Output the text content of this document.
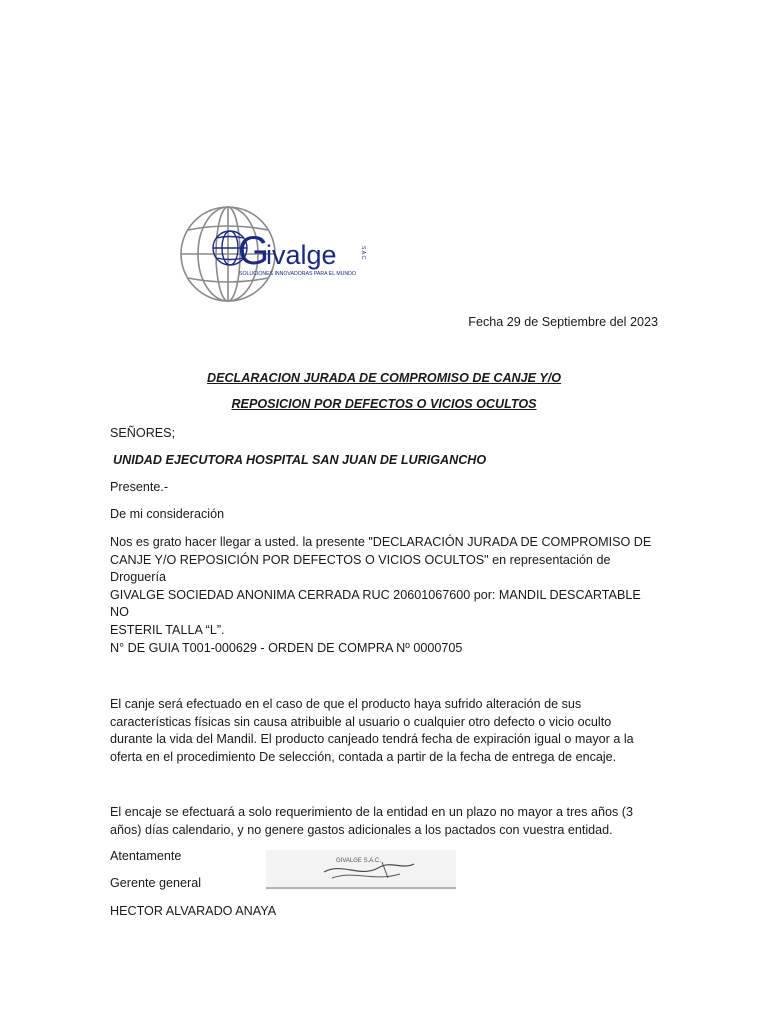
G
ivalge	S.A.C.
SOLUCIONES INNOVADORAS PARA EL MUNDO
Fecha 29 de Septiembre del 2023
DECLARACION JURADA DE COMPROMISO DE CANJE Y/O
REPOSICION POR DEFECTOS O VICIOS OCULTOS
SEÑORES;
UNIDAD EJECUTORA HOSPITAL SAN JUAN DE LURIGANCHO
Presente.-
De mi consideración
Nos es grato hacer llegar a usted. la presente "DECLARACIÓN JURADA DE COMPROMISO DE
CANJE Y/O REPOSICIÓN POR DEFECTOS O VICIOS OCULTOS" en representación de Droguería
GIVALGE SOCIEDAD ANONIMA CERRADA RUC 20601067600 por: MANDIL DESCARTABLE NO
ESTERIL TALLA “L”.
N° DE GUIA T001-000629 - ORDEN DE COMPRA Nº 0000705
El canje será efectuado en el caso de que el producto haya sufrido alteración de sus
características físicas sin causa atribuible al usuario o cualquier otro defecto o vicio oculto
durante la vida del Mandil. El producto canjeado tendrá fecha de expiración igual o mayor a la
oferta en el procedimiento De selección, contada a partir de la fecha de entrega de encaje.
El encaje se efectuará a solo requerimiento de la entidad en un plazo no mayor a tres años (3
años) días calendario, y no genere gastos adicionales a los pactados con vuestra entidad.
Atentamente
Gerente general
HECTOR ALVARADO ANAYA
GIVALGE S.A.C.
